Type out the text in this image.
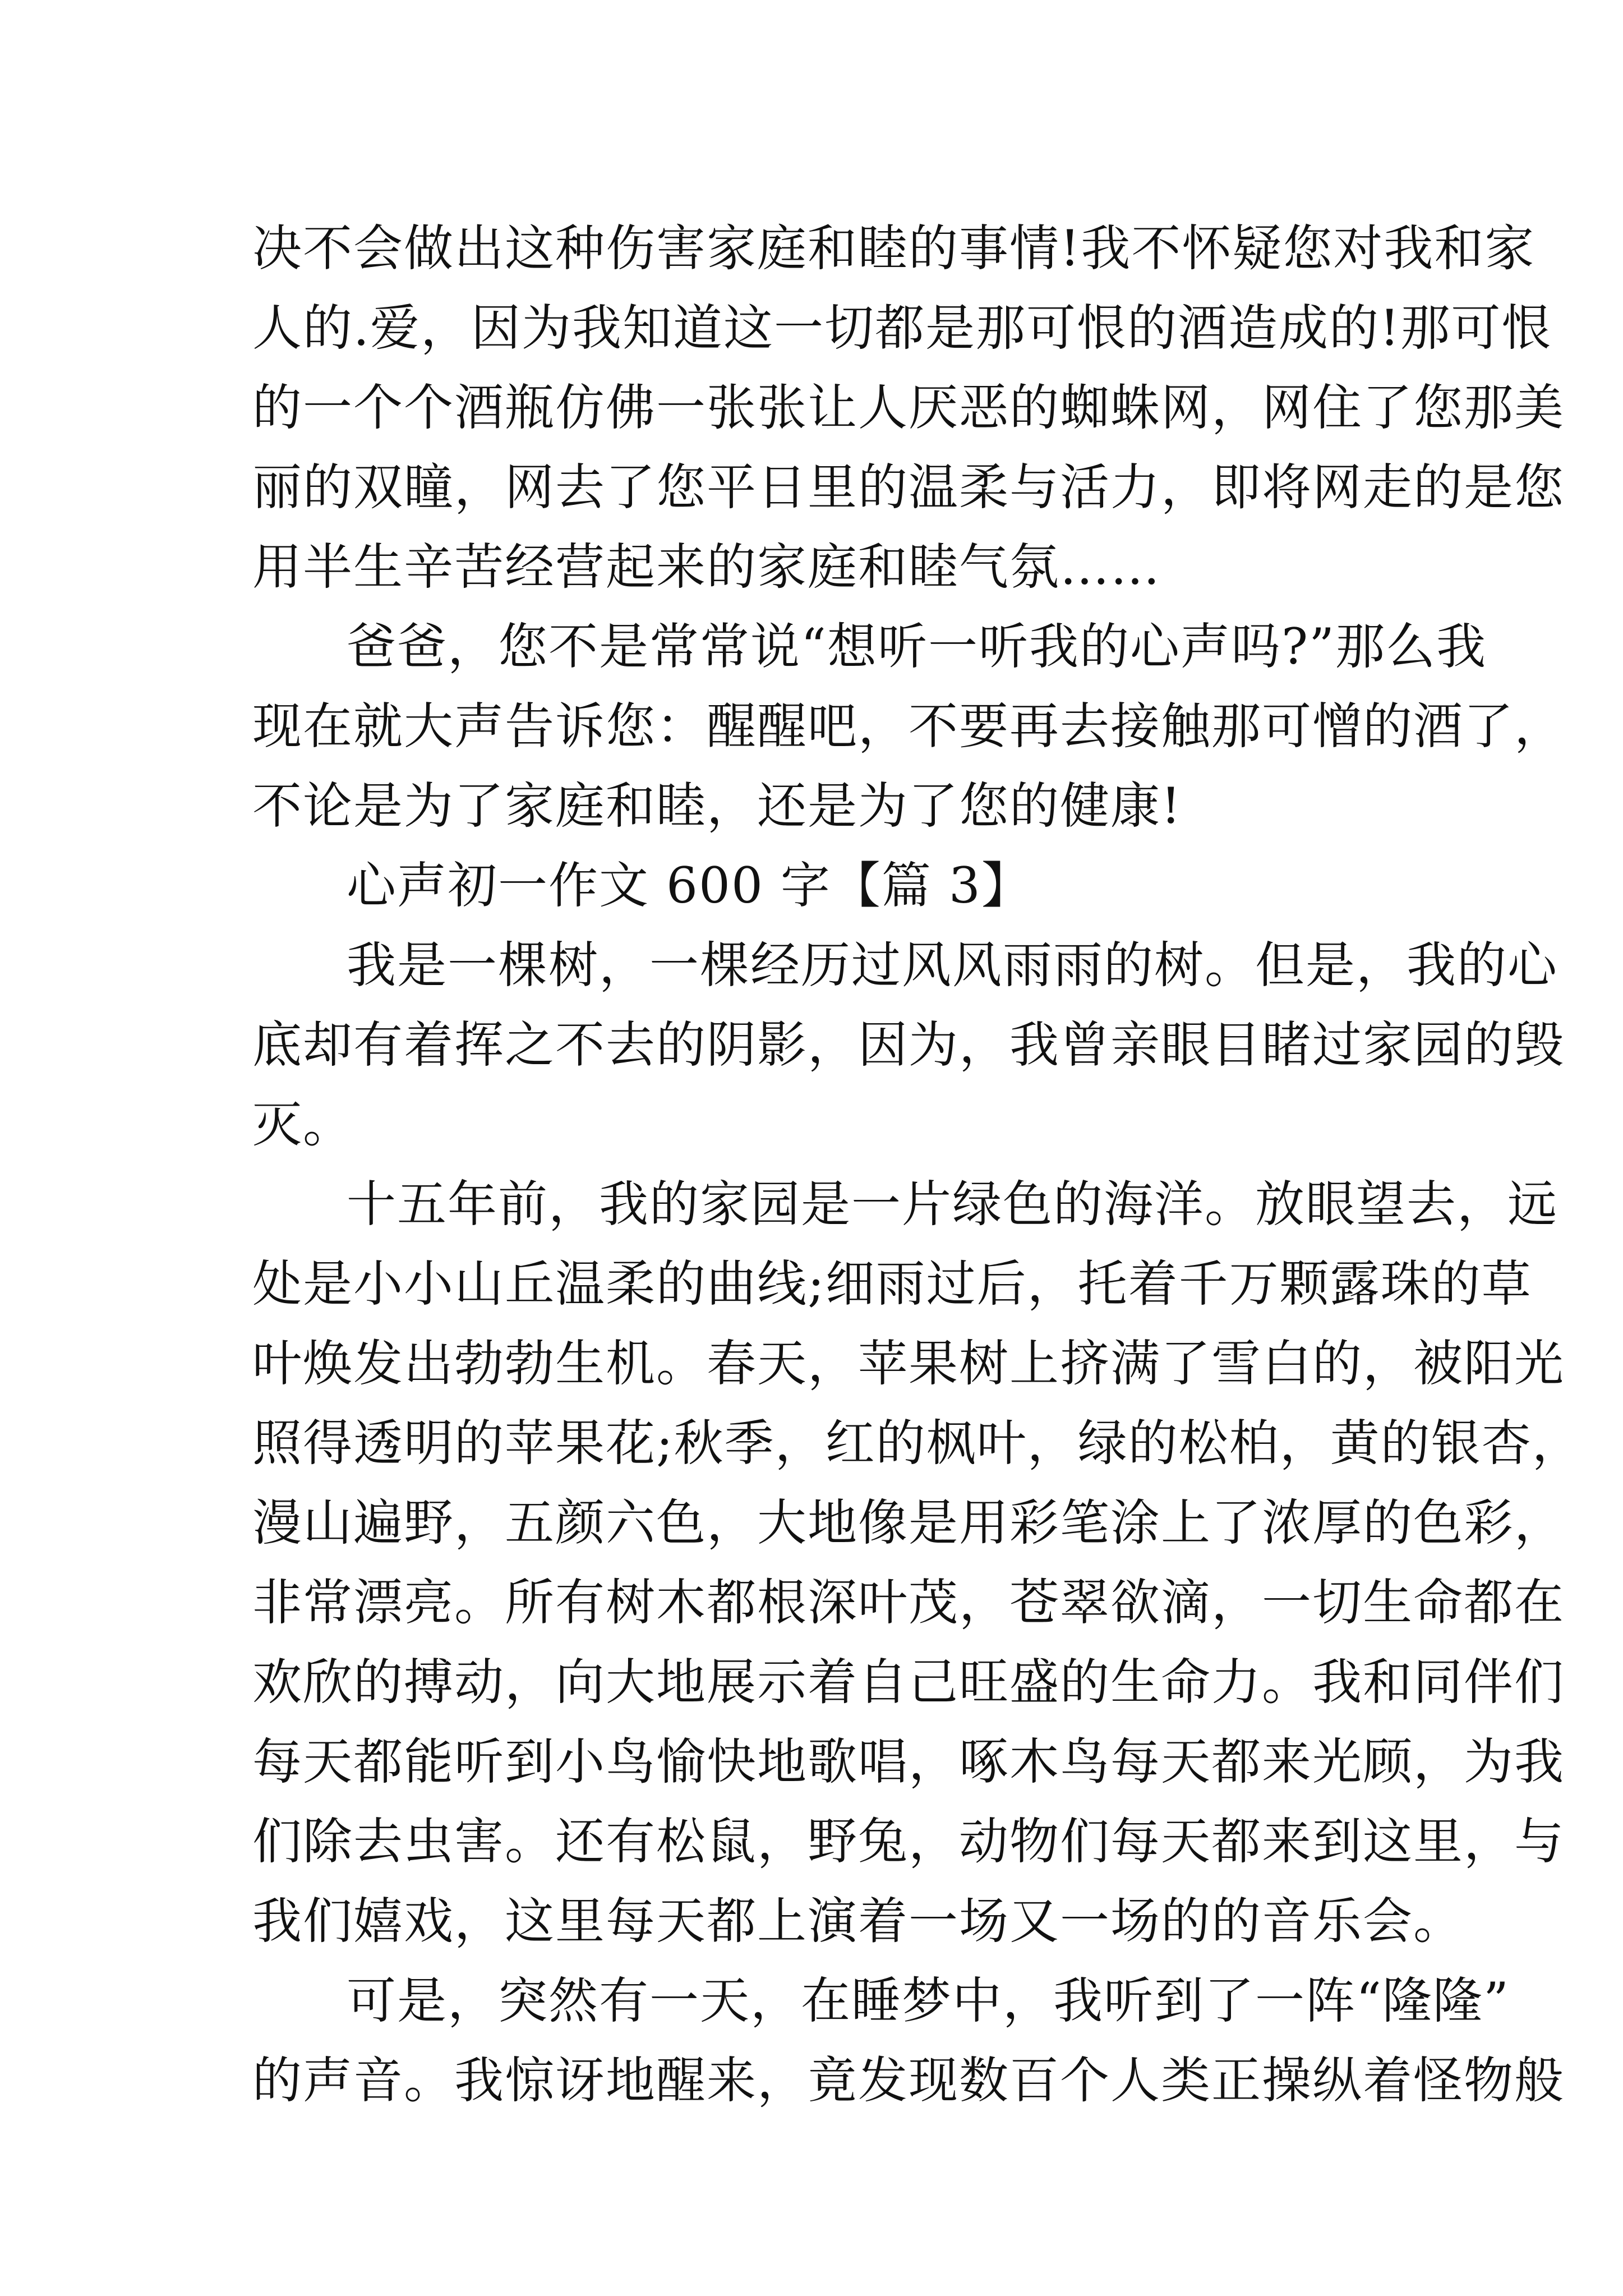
决不会做出这种伤害家庭和睦的事情!我不怀疑您对我和家
人的.爱，因为我知道这一切都是那可恨的酒造成的!那可恨
的一个个酒瓶仿佛一张张让人厌恶的蜘蛛网，网住了您那美
丽的双瞳，网去了您平日里的温柔与活力，即将网走的是您
用半生辛苦经营起来的家庭和睦气氛……
爸爸，您不是常常说“想听一听我的心声吗?”那么我
现在就大声告诉您：醒醒吧，不要再去接触那可憎的酒了，
不论是为了家庭和睦，还是为了您的健康!
心声初一作文 600 字【篇 3】
我是一棵树，一棵经历过风风雨雨的树。但是，我的心
底却有着挥之不去的阴影，因为，我曾亲眼目睹过家园的毁
灭。
十五年前，我的家园是一片绿色的海洋。放眼望去，远
处是小小山丘温柔的曲线;细雨过后，托着千万颗露珠的草
叶焕发出勃勃生机。春天，苹果树上挤满了雪白的，被阳光
照得透明的苹果花;秋季，红的枫叶，绿的松柏，黄的银杏，
漫山遍野，五颜六色，大地像是用彩笔涂上了浓厚的色彩，
非常漂亮。所有树木都根深叶茂，苍翠欲滴，一切生命都在
欢欣的搏动，向大地展示着自己旺盛的生命力。我和同伴们
每天都能听到小鸟愉快地歌唱，啄木鸟每天都来光顾，为我
们除去虫害。还有松鼠，野兔，动物们每天都来到这里，与
我们嬉戏，这里每天都上演着一场又一场的的音乐会。
可是，突然有一天，在睡梦中，我听到了一阵“隆隆”
的声音。我惊讶地醒来，竟发现数百个人类正操纵着怪物般
